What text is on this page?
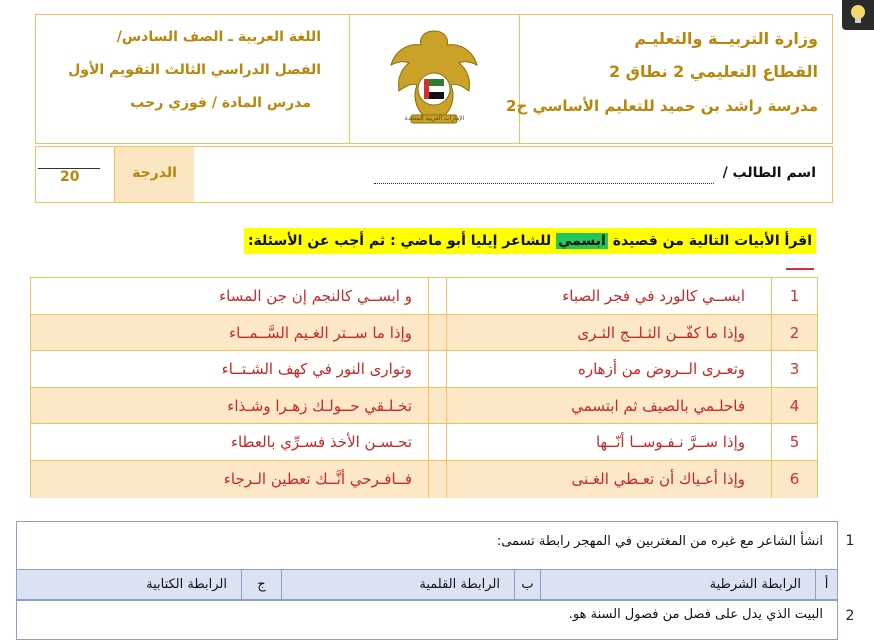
وزارة التربيــة والتعليـم
القطاع التعليمي 2 نطاق 2
مدرسة راشد بن حميد للتعليم الأساسي ح2
الإمارات العربية المتحدة
اللغة العربية ـ الصف السادس/
الفصل الدراسي الثالث التقويم الأول
مدرس المادة / فوزي رجب
اسم الطالب /
الدرجة
20
اقرأ الأبيات التالية من قصيدة ابسمي للشاعر إيليا أبو ماضي : ثم أجب عن الأسئلة:
1
ابســي كالورد في فجر الصباء
و ابســي كالنجم إن جن المساء
2
وإذا ما كفّــن الثـلــج الثـرى
وإذا ما ســتر الغـيم السَّــمــاء
3
وتعـرى الــروض من أزهاره
وتوارى النور في كهف الشـتــاء
4
فاحلـمي بالصيف ثم ابتسمي
تخـلـقي حــولـك زهـرا وشـذاء
5
وإذا ســرَّ نـفـوســا أنّــها
تحـسـن الأخذ فسـرِّي بالعطاء
6
وإذا أعـياك أن تعـطي الغـنى
فــافـرحي أنَّــك تعطين الـرجاء
1
انشأ الشاعر مع غيره من المغتربين في المهجر رابطة تسمى:
أ
الرابطة الشرطية
ب
الرابطة القلمية
ج
الرابطة الكتابية
2
البيت الذي يدل على فصل من فصول السنة هو.
